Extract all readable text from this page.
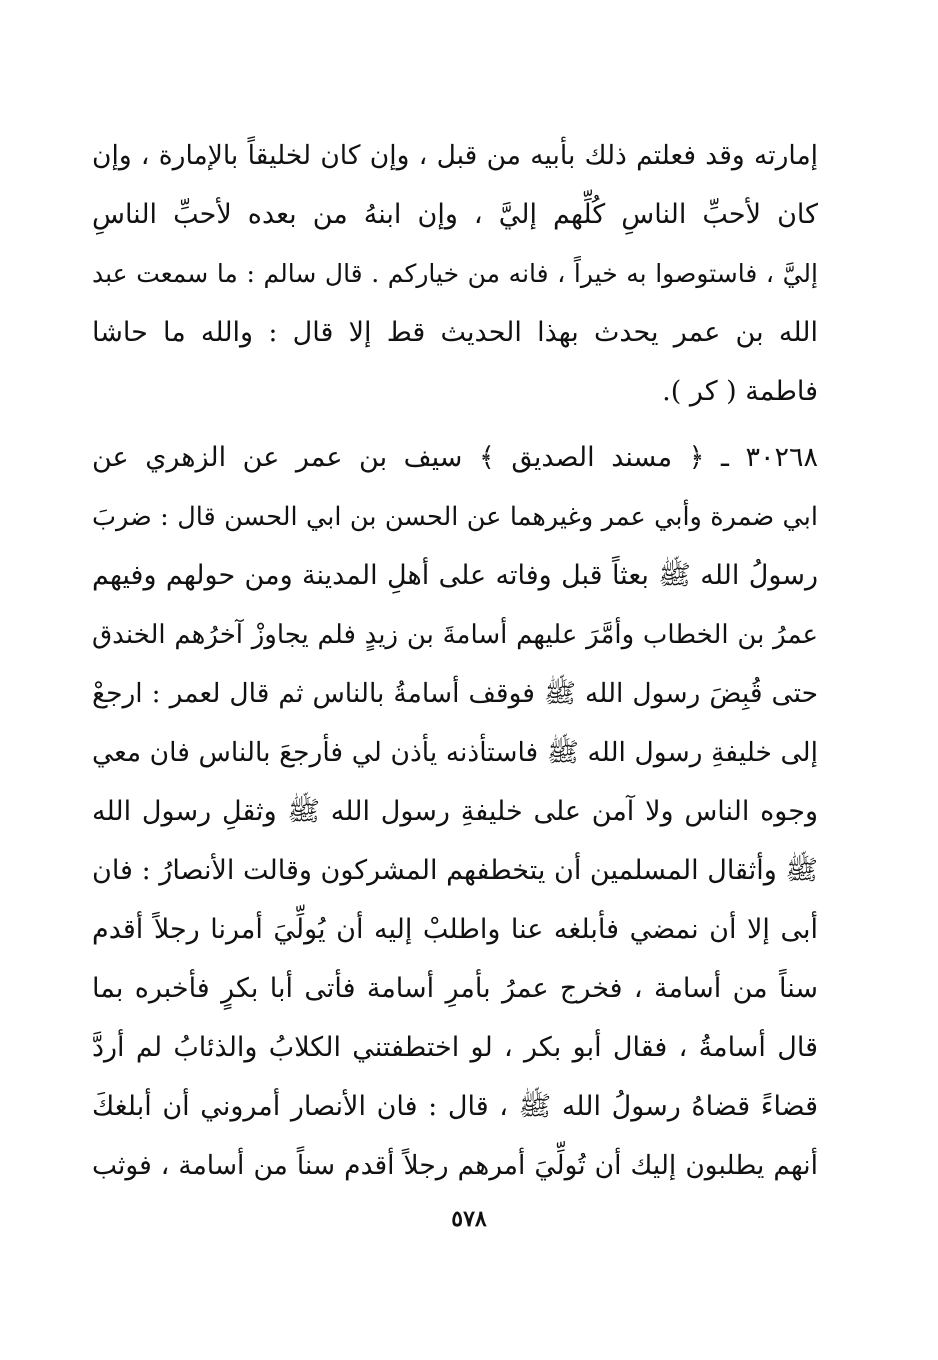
إمارته وقد فعلتم ذلك بأبيه من قبل ، وإن كان لخليقاً بالإمارة ، وإن
كان لأحبِّ الناسِ كُلِّهم إليَّ ، وإن ابنهُ من بعده لأحبِّ الناسِ
إليَّ ، فاستوصوا به خيراً ، فانه من خياركم . قال سالم : ما سمعت عبد
الله بن عمر يحدث بهذا الحديث قط إلا قال : والله ما حاشا
فاطمة ( كر ).
٣٠٢٦٨ ـ ﴿ مسند الصديق ﴾ سيف بن عمر عن الزهري عن
ابي ضمرة وأبي عمر وغيرهما عن الحسن بن ابي الحسن قال : ضربَ
رسولُ الله ﷺ بعثاً قبل وفاته على أهلِ المدينة ومن حولهم وفيهم
عمرُ بن الخطاب وأمَّرَ عليهم أسامةَ بن زيدٍ فلم يجاوزْ آخرُهم الخندق
حتى قُبِضَ رسول الله ﷺ فوقف أسامةُ بالناس ثم قال لعمر : ارجعْ
إلى خليفةِ رسول الله ﷺ فاستأذنه يأذن لي فأرجعَ بالناس فان معي
وجوه الناس ولا آمن على خليفةِ رسول الله ﷺ وثقلِ رسول الله
ﷺ وأثقال المسلمين أن يتخطفهم المشركون وقالت الأنصارُ : فان
أبى إلا أن نمضي فأبلغه عنا واطلبْ إليه أن يُولِّيَ أمرنا رجلاً أقدم
سناً من أسامة ، فخرج عمرُ بأمرِ أسامة فأتى أبا بكرٍ فأخبره بما
قال أسامةُ ، فقال أبو بكر ، لو اختطفتني الكلابُ والذئابُ لم أردَّ
قضاءً قضاهُ رسولُ الله ﷺ ، قال : فان الأنصار أمروني أن أبلغكَ
أنهم يطلبون إليك أن تُولِّيَ أمرهم رجلاً أقدم سناً من أسامة ، فوثب
٥٧٨
